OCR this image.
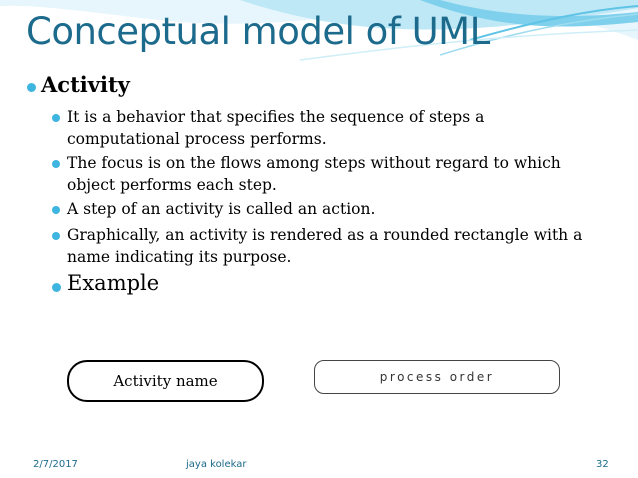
Conceptual model of UML
Activity
It is a behavior that specifies the sequence of steps a computational process performs.
The focus is on the flows among steps without regard to which object performs each step.
A step of an activity is called an action.
Graphically, an activity is rendered as a rounded rectangle with a name indicating its purpose.
Example
Activity name	process order
2/7/2017	jaya kolekar	32
